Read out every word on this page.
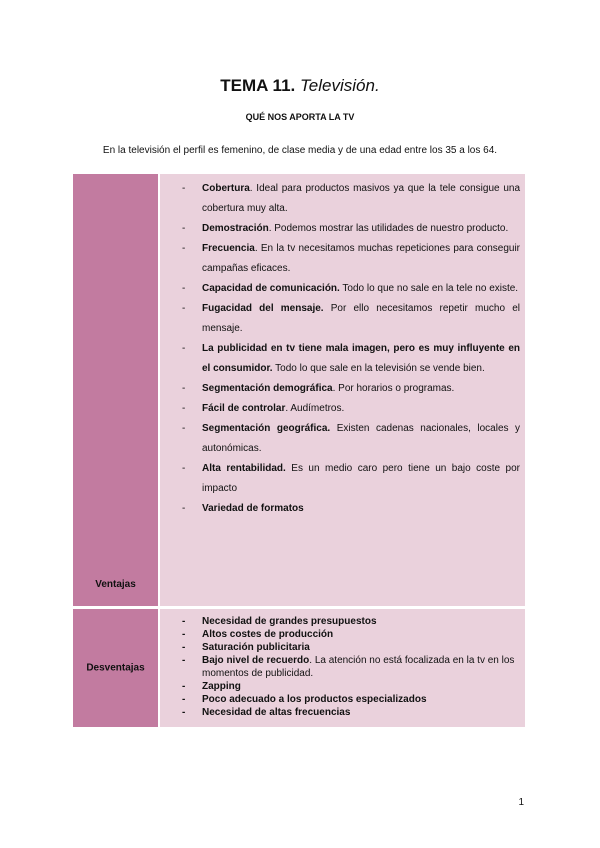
TEMA 11. Televisión.
QUÉ NOS APORTA LA TV
En la televisión el perfil es femenino, de clase media y de una edad entre los 35 a los 64.
Ventajas
- Cobertura. Ideal para productos masivos ya que la tele consigue una cobertura muy alta.
- Demostración. Podemos mostrar las utilidades de nuestro producto.
- Frecuencia. En la tv necesitamos muchas repeticiones para conseguir campañas eficaces.
- Capacidad de comunicación. Todo lo que no sale en la tele no existe.
- Fugacidad del mensaje. Por ello necesitamos repetir mucho el mensaje.
- La publicidad en tv tiene mala imagen, pero es muy influyente en el consumidor. Todo lo que sale en la televisión se vende bien.
- Segmentación demográfica. Por horarios o programas.
- Fácil de controlar. Audímetros.
- Segmentación geográfica. Existen cadenas nacionales, locales y autonómicas.
- Alta rentabilidad. Es un medio caro pero tiene un bajo coste por impacto
- Variedad de formatos
Desventajas
- Necesidad de grandes presupuestos
- Altos costes de producción
- Saturación publicitaria
- Bajo nivel de recuerdo. La atención no está focalizada en la tv en los momentos de publicidad.
- Zapping
- Poco adecuado a los productos especializados
- Necesidad de altas frecuencias
1
